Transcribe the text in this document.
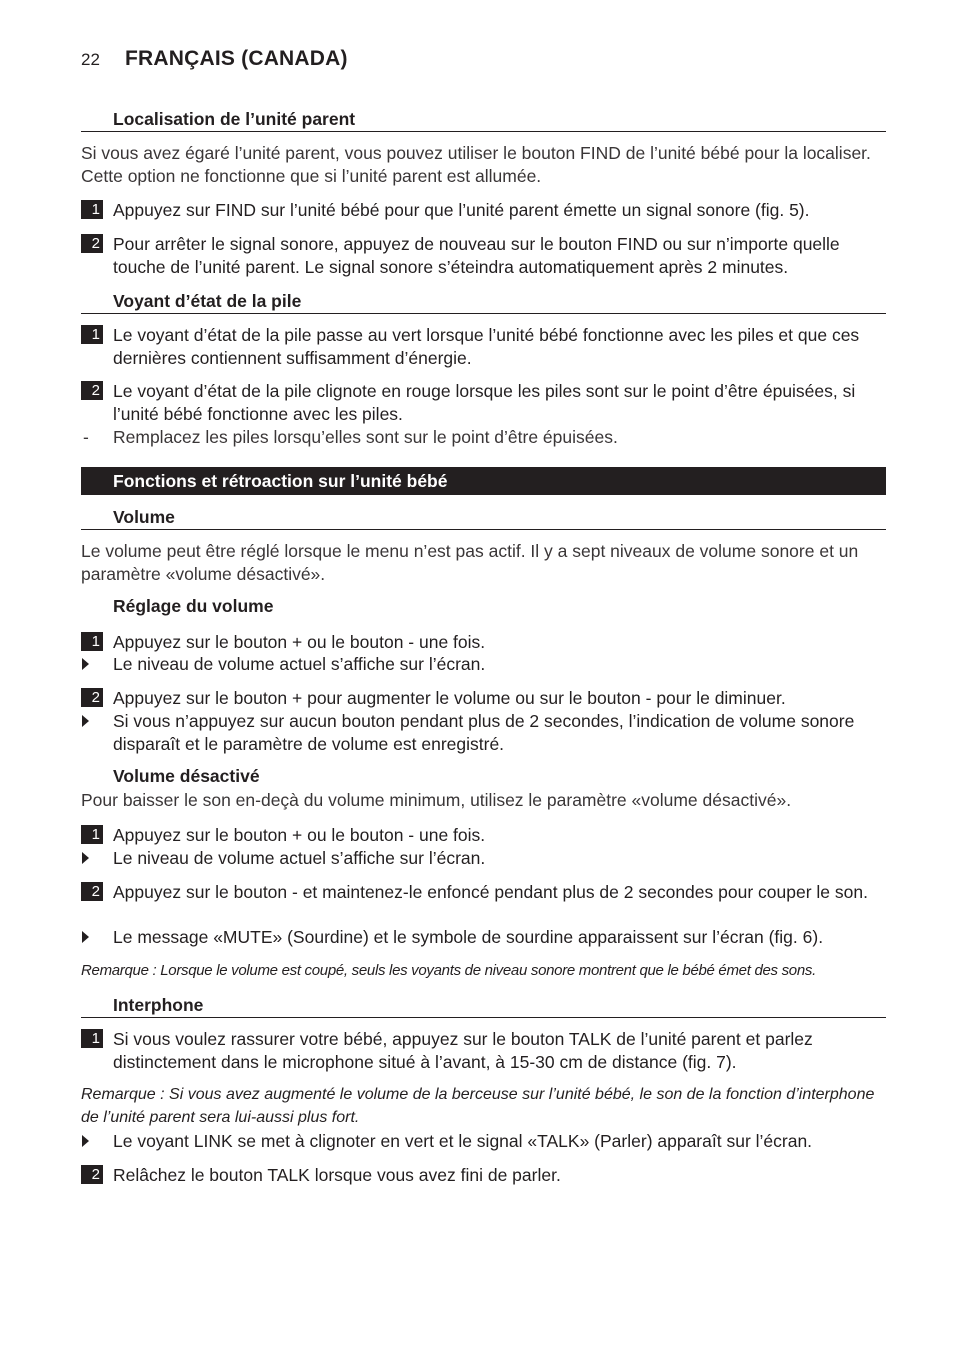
22 FRANÇAIS (CANADA)
Localisation de l’unité parent
Si vous avez égaré l’unité parent, vous pouvez utiliser le bouton FIND de l’unité bébé pour la localiser. Cette option ne fonctionne que si l’unité parent est allumée.
1 Appuyez sur FIND sur l’unité bébé pour que l’unité parent émette un signal sonore (fig. 5).
2 Pour arrêter le signal sonore, appuyez de nouveau sur le bouton FIND ou sur n’importe quelle touche de l’unité parent. Le signal sonore s’éteindra automatiquement après 2 minutes.
Voyant d’état de la pile
1 Le voyant d’état de la pile passe au vert lorsque l’unité bébé fonctionne avec les piles et que ces dernières contiennent suffisamment d’énergie.
2 Le voyant d’état de la pile clignote en rouge lorsque les piles sont sur le point d’être épuisées, si l’unité bébé fonctionne avec les piles.
- Remplacez les piles lorsqu’elles sont sur le point d’être épuisées.
Fonctions et rétroaction sur l’unité bébé
Volume
Le volume peut être réglé lorsque le menu n’est pas actif. Il y a sept niveaux de volume sonore et un paramètre «volume désactivé».
Réglage du volume
1 Appuyez sur le bouton + ou le bouton - une fois.
Le niveau de volume actuel s’affiche sur l’écran.
2 Appuyez sur le bouton + pour augmenter le volume ou sur le bouton - pour le diminuer.
Si vous n’appuyez sur aucun bouton pendant plus de 2 secondes, l’indication de volume sonore disparaît et le paramètre de volume est enregistré.
Volume désactivé
Pour baisser le son en-deçà du volume minimum, utilisez le paramètre «volume désactivé».
1 Appuyez sur le bouton + ou le bouton - une fois.
Le niveau de volume actuel s’affiche sur l’écran.
2 Appuyez sur le bouton - et maintenez-le enfoncé pendant plus de 2 secondes pour couper le son.
Le message «MUTE» (Sourdine) et le symbole de sourdine apparaissent sur l’écran (fig. 6).
Remarque : Lorsque le volume est coupé, seuls les voyants de niveau sonore montrent que le bébé émet des sons.
Interphone
1 Si vous voulez rassurer votre bébé, appuyez sur le bouton TALK de l’unité parent et parlez distinctement dans le microphone situé à l’avant, à 15-30 cm de distance (fig. 7).
Remarque : Si vous avez augmenté le volume de la berceuse sur l’unité bébé, le son de la fonction d’interphone de l’unité parent sera lui-aussi plus fort.
Le voyant LINK se met à clignoter en vert et le signal «TALK» (Parler) apparaît sur l’écran.
2 Relâchez le bouton TALK lorsque vous avez fini de parler.
